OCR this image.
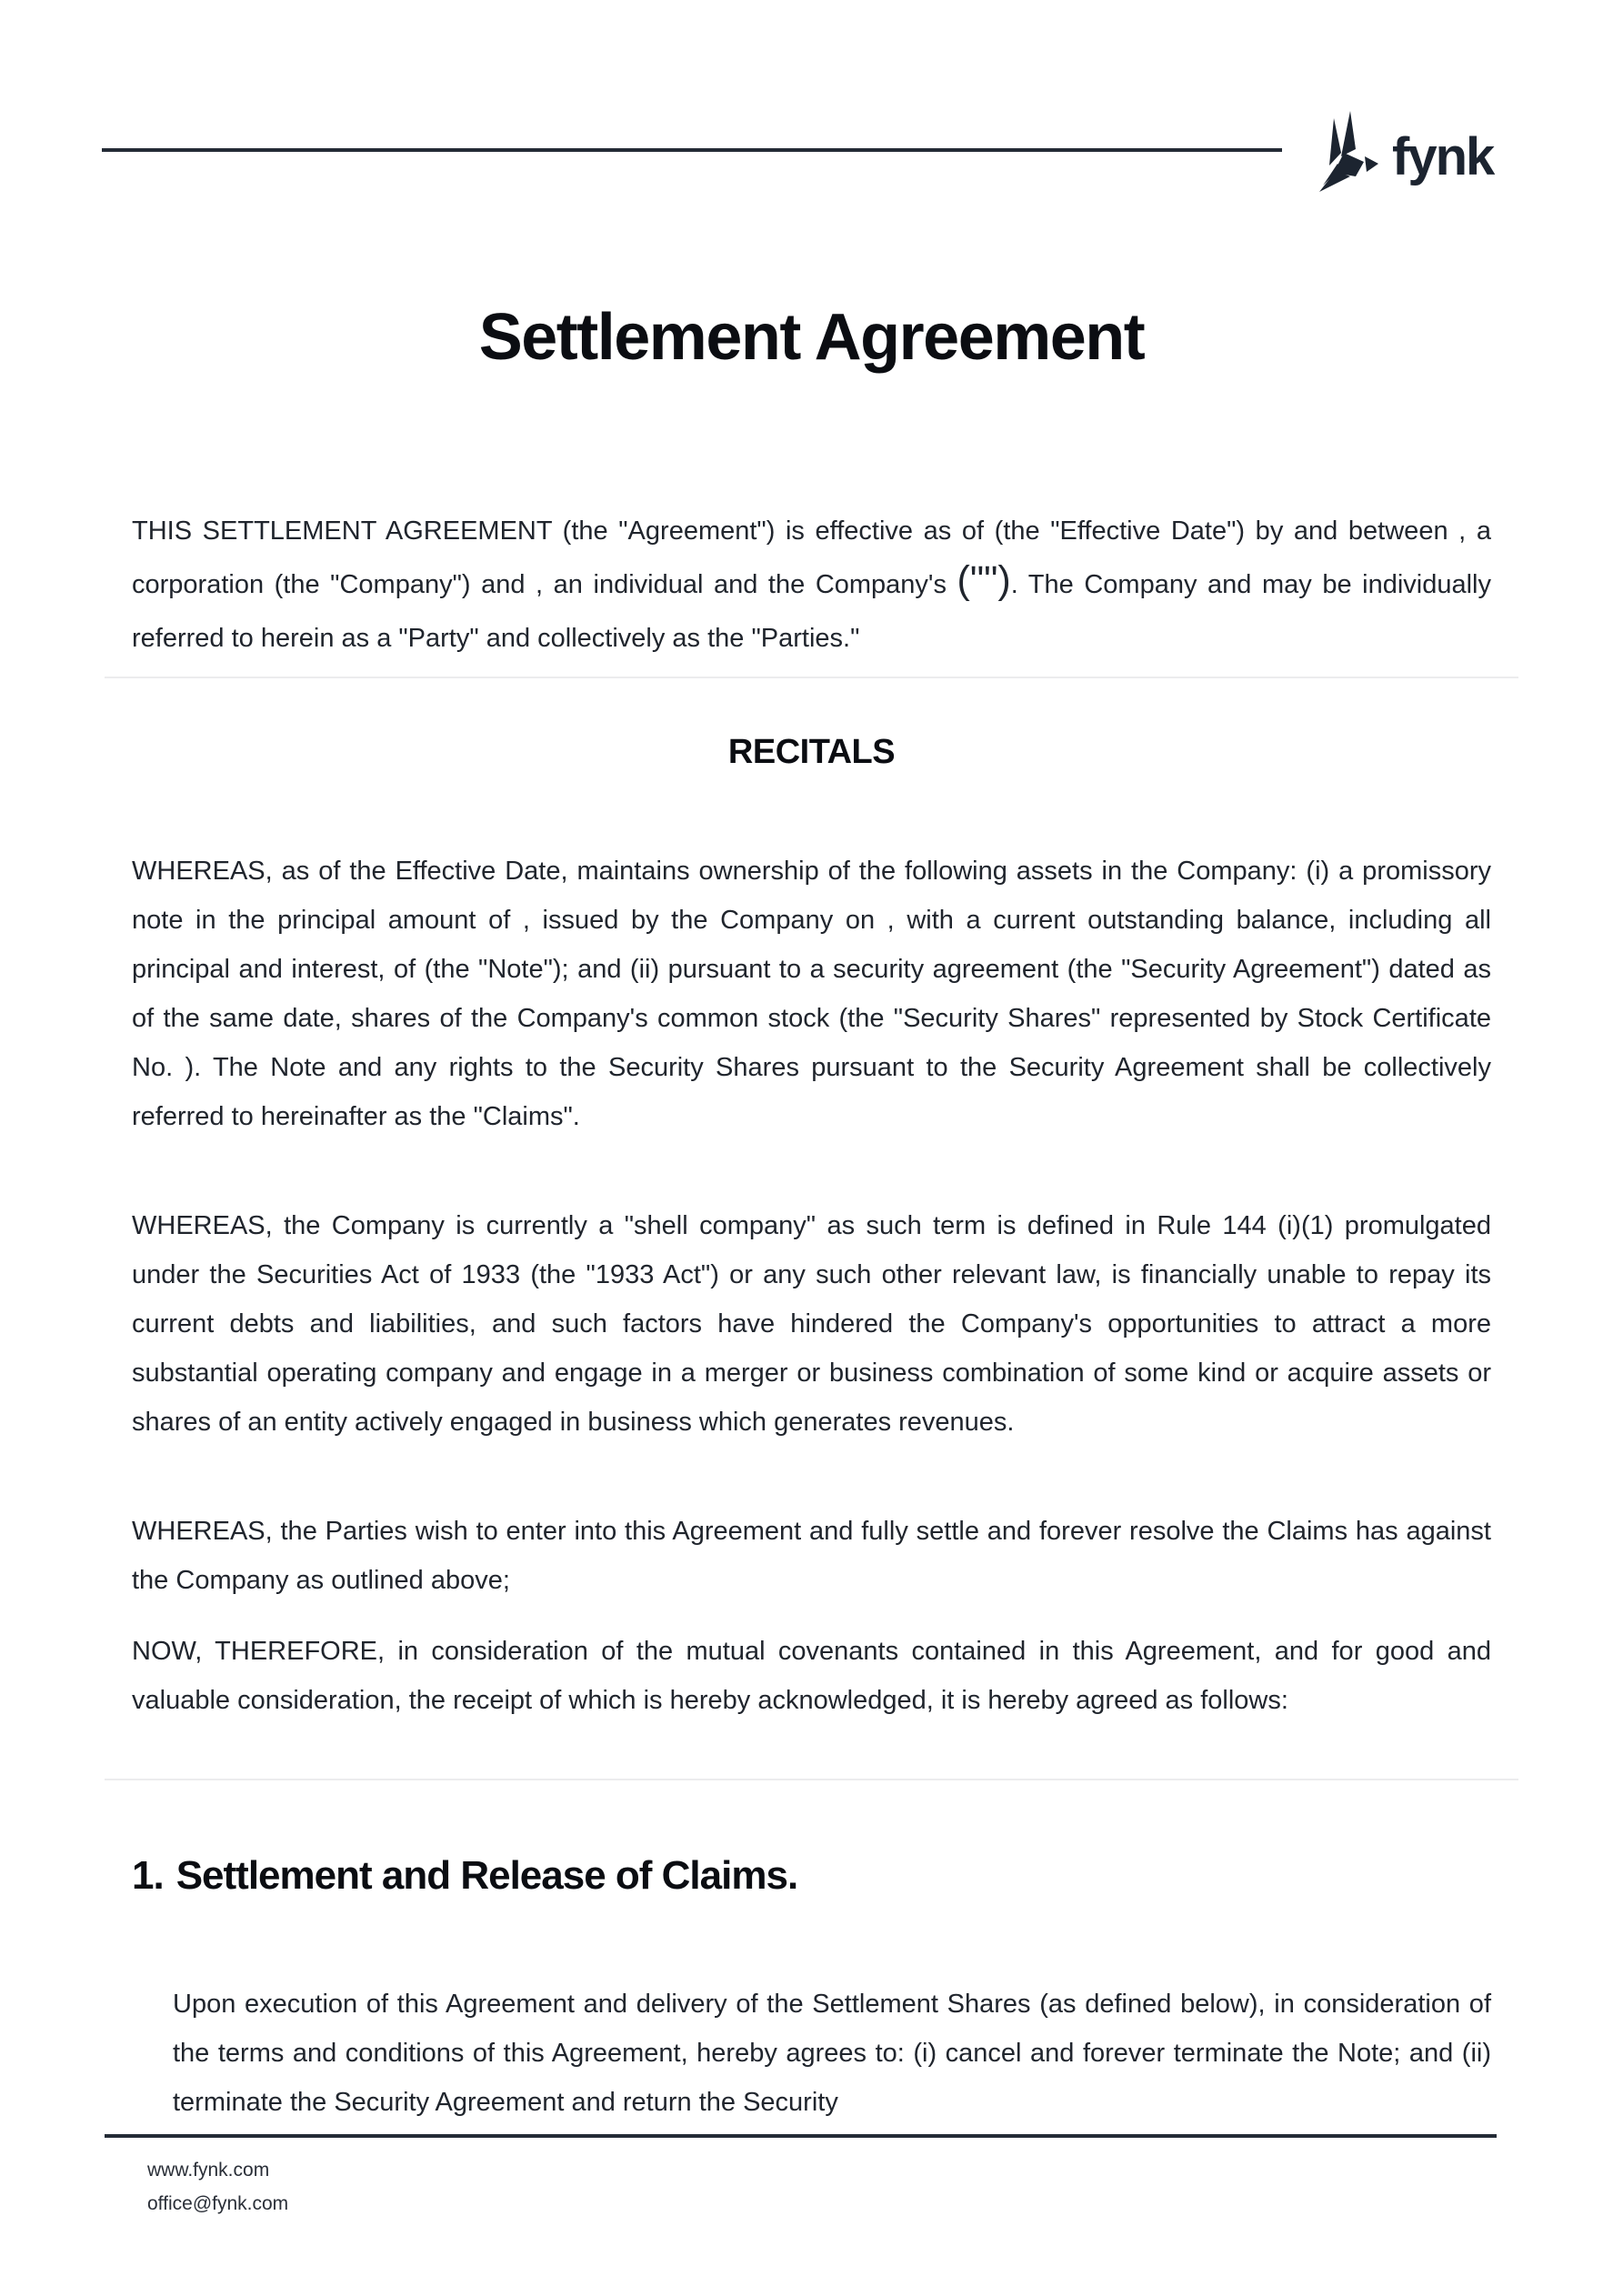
fynk
Settlement Agreement

THIS SETTLEMENT AGREEMENT (the "Agreement") is effective as of (the "Effective Date") by and between , a corporation (the "Company") and , an individual and the Company's (""). The Company and may be individually referred to herein as a "Party" and collectively as the "Parties."

RECITALS

WHEREAS, as of the Effective Date, maintains ownership of the following assets in the Company: (i) a promissory note in the principal amount of , issued by the Company on , with a current outstanding balance, including all principal and interest, of (the "Note"); and (ii) pursuant to a security agreement (the "Security Agreement") dated as of the same date, shares of the Company's common stock (the "Security Shares" represented by Stock Certificate No. ). The Note and any rights to the Security Shares pursuant to the Security Agreement shall be collectively referred to hereinafter as the "Claims".

WHEREAS, the Company is currently a "shell company" as such term is defined in Rule 144 (i)(1) promulgated under the Securities Act of 1933 (the "1933 Act") or any such other relevant law, is financially unable to repay its current debts and liabilities, and such factors have hindered the Company's opportunities to attract a more substantial operating company and engage in a merger or business combination of some kind or acquire assets or shares of an entity actively engaged in business which generates revenues.

WHEREAS, the Parties wish to enter into this Agreement and fully settle and forever resolve the Claims has against the Company as outlined above;

NOW, THEREFORE, in consideration of the mutual covenants contained in this Agreement, and for good and valuable consideration, the receipt of which is hereby acknowledged, it is hereby agreed as follows:

1. Settlement and Release of Claims.

Upon execution of this Agreement and delivery of the Settlement Shares (as defined below), in consideration of the terms and conditions of this Agreement, hereby agrees to: (i) cancel and forever terminate the Note; and (ii) terminate the Security Agreement and return the Security

www.fynk.com
office@fynk.com
